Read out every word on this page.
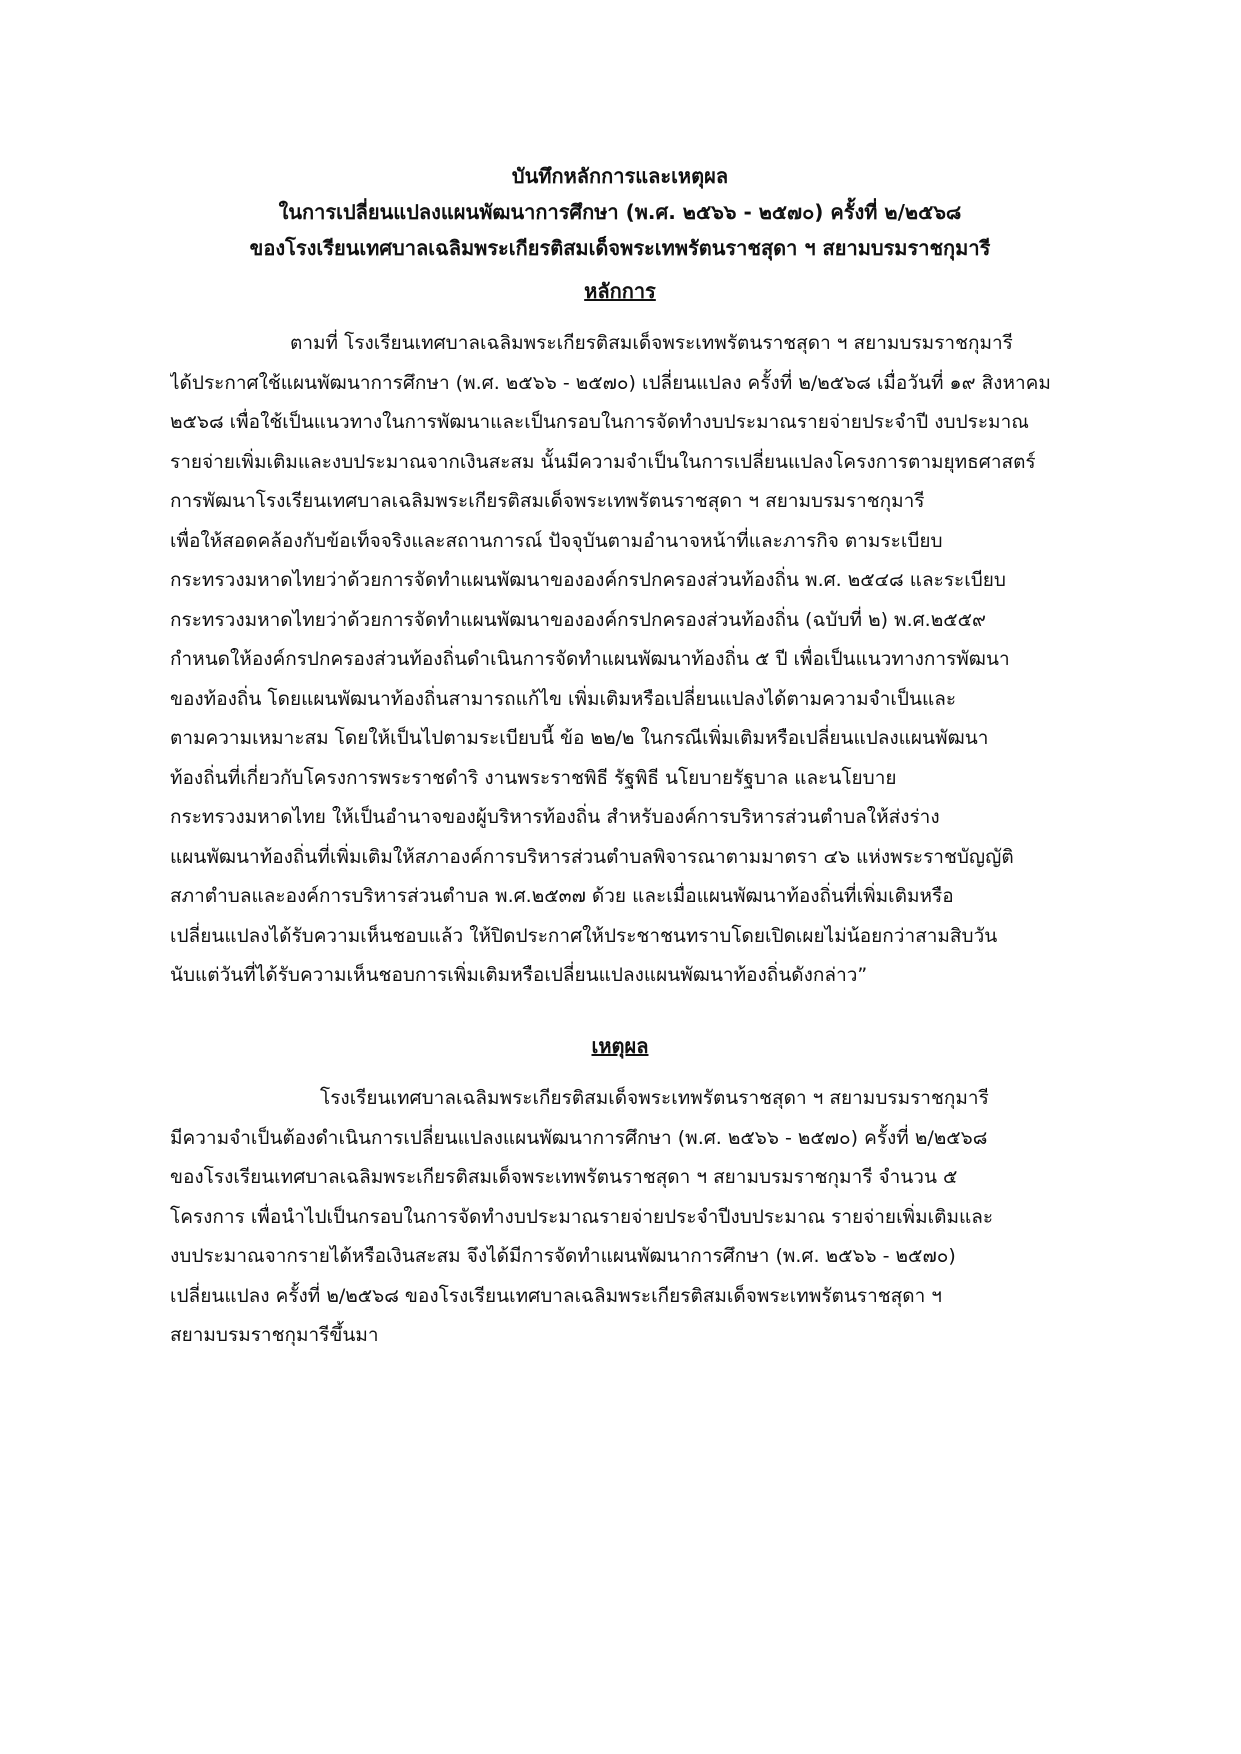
บันทึกหลักการและเหตุผล
ในการเปลี่ยนแปลงแผนพัฒนาการศึกษา (พ.ศ. ๒๕๖๖ - ๒๕๗๐) ครั้งที่ ๒/๒๕๖๘
ของโรงเรียนเทศบาลเฉลิมพระเกียรติสมเด็จพระเทพรัตนราชสุดา ฯ สยามบรมราชกุมารี
หลักการ
ตามที่ โรงเรียนเทศบาลเฉลิมพระเกียรติสมเด็จพระเทพรัตนราชสุดา ฯ สยามบรมราชกุมารี
ได้ประกาศใช้แผนพัฒนาการศึกษา (พ.ศ. ๒๕๖๖ - ๒๕๗๐) เปลี่ยนแปลง ครั้งที่ ๒/๒๕๖๘ เมื่อวันที่ ๑๙ สิงหาคม
๒๕๖๘ เพื่อใช้เป็นแนวทางในการพัฒนาและเป็นกรอบในการจัดทำงบประมาณรายจ่ายประจำปี งบประมาณ
รายจ่ายเพิ่มเติมและงบประมาณจากเงินสะสม นั้นมีความจำเป็นในการเปลี่ยนแปลงโครงการตามยุทธศาสตร์
การพัฒนาโรงเรียนเทศบาลเฉลิมพระเกียรติสมเด็จพระเทพรัตนราชสุดา ฯ สยามบรมราชกุมารี
เพื่อให้สอดคล้องกับข้อเท็จจริงและสถานการณ์ ปัจจุบันตามอำนาจหน้าที่และภารกิจ ตามระเบียบ
กระทรวงมหาดไทยว่าด้วยการจัดทำแผนพัฒนาขององค์กรปกครองส่วนท้องถิ่น พ.ศ. ๒๕๔๘ และระเบียบ
กระทรวงมหาดไทยว่าด้วยการจัดทำแผนพัฒนาขององค์กรปกครองส่วนท้องถิ่น (ฉบับที่ ๒) พ.ศ.๒๕๕๙
กำหนดให้องค์กรปกครองส่วนท้องถิ่นดำเนินการจัดทำแผนพัฒนาท้องถิ่น ๕ ปี เพื่อเป็นแนวทางการพัฒนา
ของท้องถิ่น โดยแผนพัฒนาท้องถิ่นสามารถแก้ไข เพิ่มเติมหรือเปลี่ยนแปลงได้ตามความจำเป็นและ
ตามความเหมาะสม โดยให้เป็นไปตามระเบียบนี้ ข้อ ๒๒/๒ ในกรณีเพิ่มเติมหรือเปลี่ยนแปลงแผนพัฒนา
ท้องถิ่นที่เกี่ยวกับโครงการพระราชดำริ งานพระราชพิธี รัฐพิธี นโยบายรัฐบาล และนโยบาย
กระทรวงมหาดไทย ให้เป็นอำนาจของผู้บริหารท้องถิ่น สำหรับองค์การบริหารส่วนตำบลให้ส่งร่าง
แผนพัฒนาท้องถิ่นที่เพิ่มเติมให้สภาองค์การบริหารส่วนตำบลพิจารณาตามมาตรา ๔๖ แห่งพระราชบัญญัติ
สภาตำบลและองค์การบริหารส่วนตำบล พ.ศ.๒๕๓๗ ด้วย และเมื่อแผนพัฒนาท้องถิ่นที่เพิ่มเติมหรือ
เปลี่ยนแปลงได้รับความเห็นชอบแล้ว ให้ปิดประกาศให้ประชาชนทราบโดยเปิดเผยไม่น้อยกว่าสามสิบวัน
นับแต่วันที่ได้รับความเห็นชอบการเพิ่มเติมหรือเปลี่ยนแปลงแผนพัฒนาท้องถิ่นดังกล่าว”
เหตุผล
โรงเรียนเทศบาลเฉลิมพระเกียรติสมเด็จพระเทพรัตนราชสุดา ฯ สยามบรมราชกุมารี
มีความจำเป็นต้องดำเนินการเปลี่ยนแปลงแผนพัฒนาการศึกษา (พ.ศ. ๒๕๖๖ - ๒๕๗๐) ครั้งที่ ๒/๒๕๖๘
ของโรงเรียนเทศบาลเฉลิมพระเกียรติสมเด็จพระเทพรัตนราชสุดา ฯ สยามบรมราชกุมารี จำนวน ๕
โครงการ เพื่อนำไปเป็นกรอบในการจัดทำงบประมาณรายจ่ายประจำปีงบประมาณ รายจ่ายเพิ่มเติมและ
งบประมาณจากรายได้หรือเงินสะสม จึงได้มีการจัดทำแผนพัฒนาการศึกษา (พ.ศ. ๒๕๖๖ - ๒๕๗๐)
เปลี่ยนแปลง ครั้งที่ ๒/๒๕๖๘ ของโรงเรียนเทศบาลเฉลิมพระเกียรติสมเด็จพระเทพรัตนราชสุดา ฯ
สยามบรมราชกุมารีขึ้นมา
